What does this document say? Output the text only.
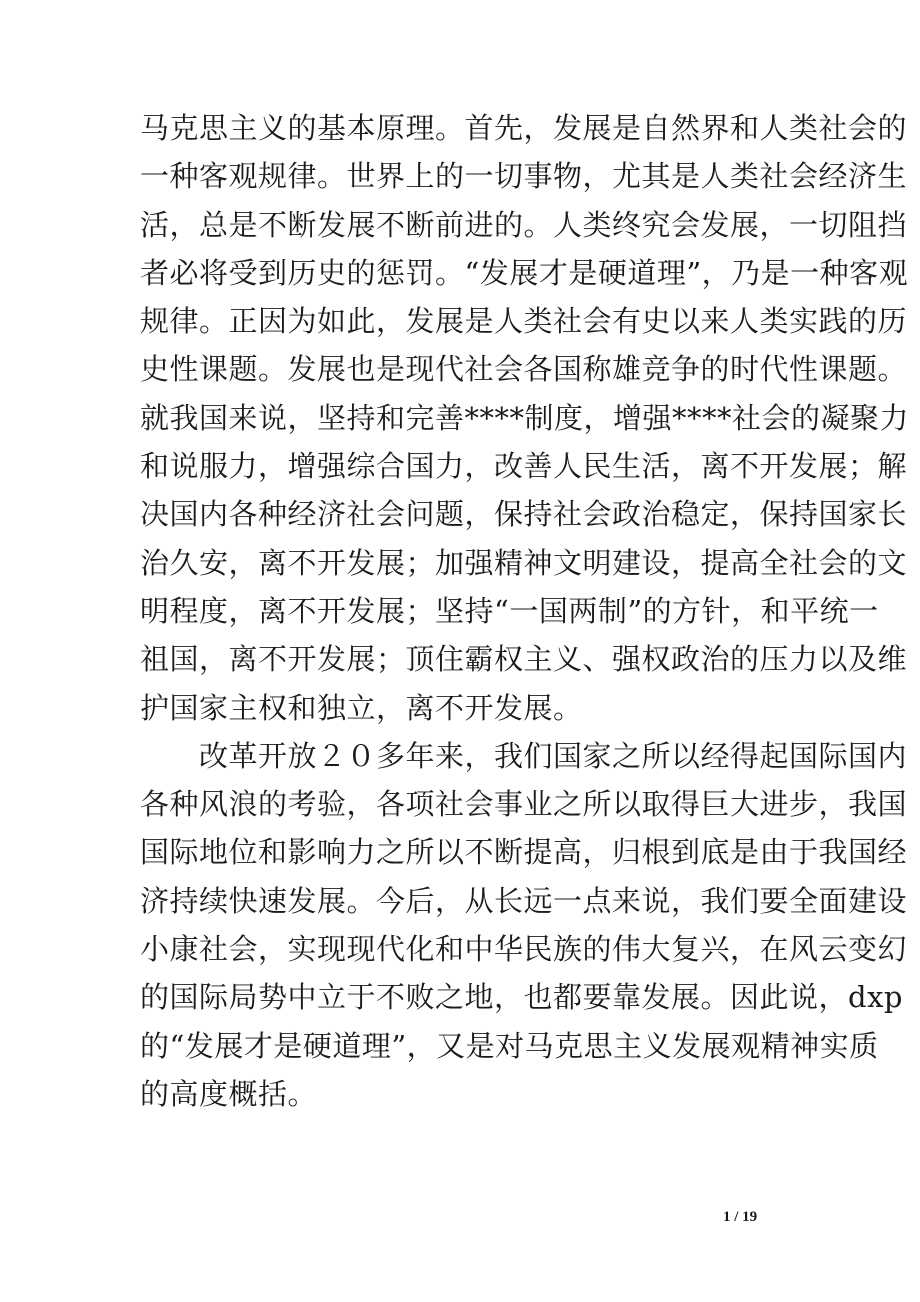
马克思主义的基本原理。首先，发展是自然界和人类社会的
一种客观规律。世界上的一切事物，尤其是人类社会经济生
活，总是不断发展不断前进的。人类终究会发展，一切阻挡
者必将受到历史的惩罚。“发展才是硬道理”，乃是一种客观
规律。正因为如此，发展是人类社会有史以来人类实践的历
史性课题。发展也是现代社会各国称雄竞争的时代性课题。
就我国来说，坚持和完善****制度，增强****社会的凝聚力
和说服力，增强综合国力，改善人民生活，离不开发展；解
决国内各种经济社会问题，保持社会政治稳定，保持国家长
治久安，离不开发展；加强精神文明建设，提高全社会的文
明程度，离不开发展；坚持“一国两制”的方针，和平统一
祖国，离不开发展；顶住霸权主义、强权政治的压力以及维
护国家主权和独立，离不开发展。
　　改革开放２０多年来，我们国家之所以经得起国际国内
各种风浪的考验，各项社会事业之所以取得巨大进步，我国
国际地位和影响力之所以不断提高，归根到底是由于我国经
济持续快速发展。今后，从长远一点来说，我们要全面建设
小康社会，实现现代化和中华民族的伟大复兴，在风云变幻
的国际局势中立于不败之地，也都要靠发展。因此说，dxp
的“发展才是硬道理”，又是对马克思主义发展观精神实质
的高度概括。
1 / 19
